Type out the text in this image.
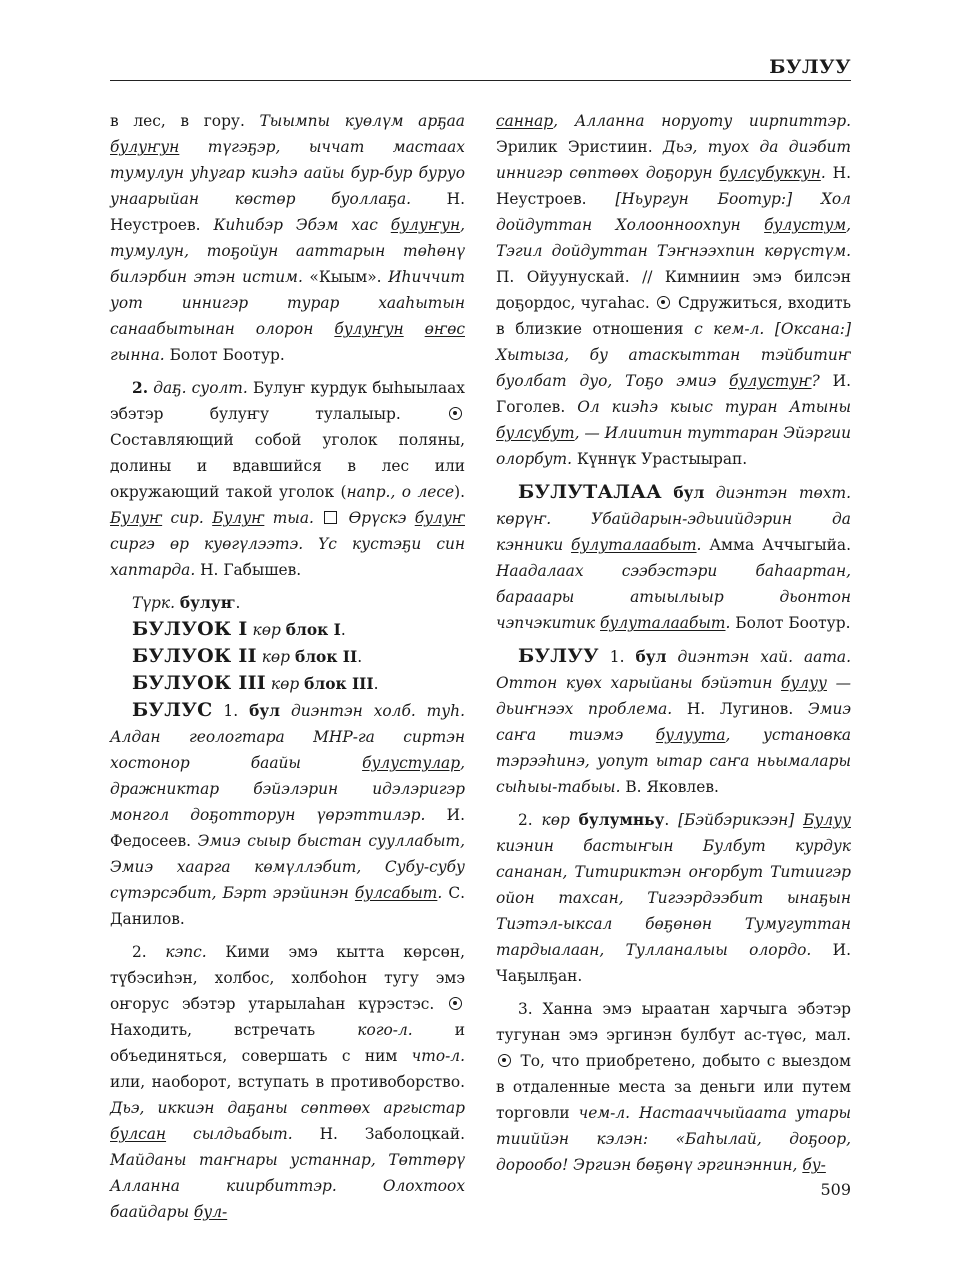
БУЛУУ

в лес, в гору. Тыымпы куөлүм арҕаа булуҥун түгэҕэр, ыччат мастаах тумулун уһугар киэһэ аайы бур-бур буруо унаарыйан көстөр буоллаҕа. Н. Неустроев. Киһибэр Эбэм хас булуҥун, тумулун, тоҕойун ааттарын төһөнү билэрбин этэн истим. «Кыым». Иһиччит уот иннигэр турар хааһытын санаабытынан олорон булуҥун өҥөс гынна. Болот Боотур.

2. даҕ. суолт. Булуҥ курдук быһыылаах эбэтэр булуҥу тулалыыр.  Составляющий собой уголок поляны, долины и вдавшийся в лес или окружающий такой уголок (напр., о лесе). Булуҥ сир. Булуҥ тыа. Өрүскэ булуҥ сиргэ өр куөгүлээтэ. Үс кустэҕи син хаптарда. Н. Габышев.

Түрк. булуҥ.

БУЛУОК I көр блок I.

БУЛУОК II көр блок II.

БУЛУОК III көр блок III.

БУЛУС 1. бул диэнтэн холб. туһ. Алдан геологтара МНР-га сиртэн хостонор баайы булустулар, дражниктар бэйэлэрин идэлэригэр монгол доҕотторун үөрэттилэр. И. Федосеев. Эмиэ сыыр быстан сууллабыт, Эмиэ хаарга көмүллэбит, Субу-субу сүтэрсэбит, Бэрт эрэйинэн булсабыт. С. Данилов.

2. кэпс. Кими эмэ кытта көрсөн, түбэсиһэн, холбос, холбоһон тугу эмэ оҥорус эбэтэр утарылаһан күрэстэс.  Находить, встречать кого-л. и объединяться, совершать с ним что-л. или, наоборот, вступать в противоборство. Дьэ, иккиэн даҕаны сөптөөх аргыстар булсан сылдьабыт. Н. Заболоцкай. Майданы таҥнары устаннар, Төттөрү Алланна киирбиттэр. Олохтоох баайдары бул-

саннар, Алланна норуоту иирпиттэр. Эрилик Эристиин. Дьэ, туох да диэбит иннигэр сөптөөх доҕорун булсубуккун. Н. Неустроев. [Ньургун Боотур:] Хол дойдуттан Холоонноохпун булустум, Тэгил дойдуттан Тэҥнээхпин көрүстүм. П. Ойуунускай. // Кимниин эмэ билсэн доҕордос, чугаһас.  Сдружиться, входить в близкие отношения с кем-л. [Оксана:] Хытыза, бу атаскыттан тэйбитиҥ буолбат дуо, Тоҕо эмиэ булустуҥ? И. Гоголев. Ол киэһэ кыыс туран Атыны булсубут, — Илиитин туттаран Эйэргии олорбут. Күннүк Урастыырап.

БУЛУТАЛАА бул диэнтэн төхт. көрүҥ.	Убайдарын-эдьиийдэрин да кэнники булуталаабыт. Амма Аччыгыйа. Наадалаах сээбэстэри баһаартан, барааары атыылыыр дьонтон чэпчэкитик булуталаабыт. Болот Боотур.

БУЛУУ 1. бул диэнтэн хай. аата. Оттон куөх харыйаны бэйэтин булуу — дьиҥнээх проблема. Н. Лугинов. Эмиэ саҥа тиэмэ булуута, установка тэрээһинэ, уопут ытар саҥа ньымалары сыһыы-табыы. В. Яковлев.

2. көр булумньу. [Бэйбэрикээн] Булуу киэнин бастыҥын Булбут курдук сананан, Титириктэн оҥорбут Титиигэр ойон тахсан, Тигээрдээбит ынаҕын Тиэтэл-ыксал бөҕөнөн Тумугуттан тардыалаан, Тулланалыы олордо. И. Чаҕылҕан.

3. Ханна эмэ ыраатан харчыга эбэтэр тугунан эмэ эргинэн булбут ас-түөс, мал.  То, что приобретено, добыто с выездом в отдаленные места за деньги или путем торговли чем-л. Настааччыйаата утары тииййэн кэлэн: «Баһылай, доҕоор, дорообо! Эргиэн бөҕөнү эргинэннин, бу-

509
